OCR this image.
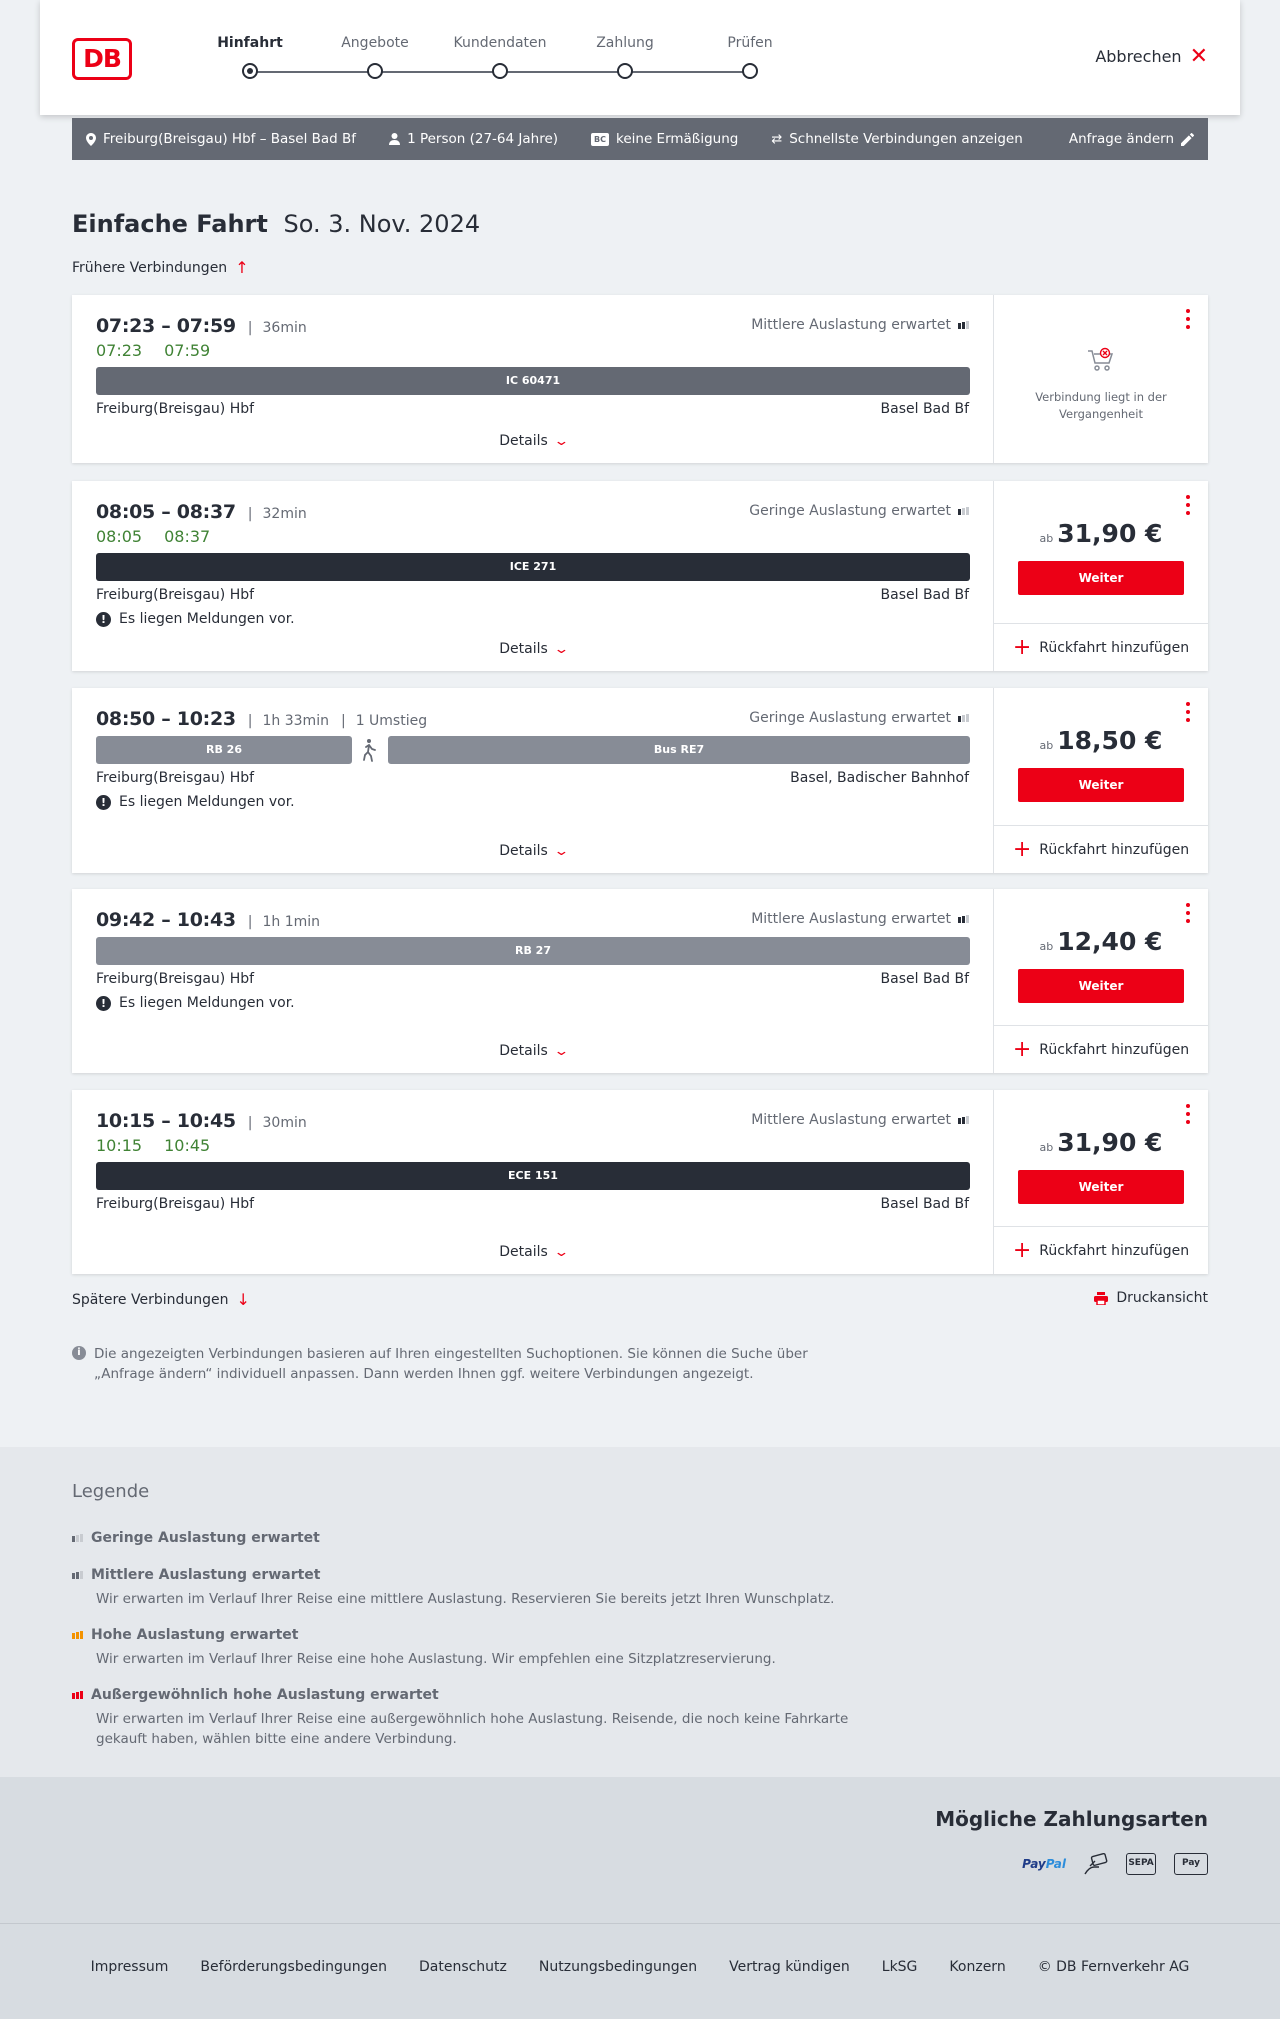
DB
Hinfahrt	Angebote	Kundendaten	Zahlung	Prüfen
Abbrechen ✕
Freiburg(Breisgau) Hbf – Basel Bad Bf	1 Person (27-64 Jahre)	BC keine Ermäßigung	⇄ Schnellste Verbindungen anzeigen	Anfrage ändern
Einfache Fahrt So. 3. Nov. 2024
Frühere Verbindungen ↑
07:23 – 07:59 | 36min
07:23 07:59
Mittlere Auslastung erwartet
IC 60471
Freiburg(Breisgau) Hbf	Basel Bad Bf
Details ⌄
Verbindung liegt in der Vergangenheit
08:05 – 08:37 | 32min
08:05 08:37
Geringe Auslastung erwartet
ICE 271
Freiburg(Breisgau) Hbf	Basel Bad Bf
! Es liegen Meldungen vor.
Details ⌄
ab 31,90 €
Weiter
+ Rückfahrt hinzufügen
08:50 – 10:23 | 1h 33min | 1 Umstieg	Geringe Auslastung erwartet
RB 26	Bus RE7
Freiburg(Breisgau) Hbf	Basel, Badischer Bahnhof
! Es liegen Meldungen vor.
Details ⌄
ab 18,50 €
Weiter
+ Rückfahrt hinzufügen
09:42 – 10:43 | 1h 1min	Mittlere Auslastung erwartet
RB 27
Freiburg(Breisgau) Hbf	Basel Bad Bf
! Es liegen Meldungen vor.
Details ⌄
ab 12,40 €
Weiter
+ Rückfahrt hinzufügen
10:15 – 10:45 | 30min
10:15 10:45
Mittlere Auslastung erwartet
ECE 151
Freiburg(Breisgau) Hbf	Basel Bad Bf
Details ⌄
ab 31,90 €
Weiter
+ Rückfahrt hinzufügen
Spätere Verbindungen ↓	Druckansicht
i Die angezeigten Verbindungen basieren auf Ihren eingestellten Suchoptionen. Sie können die Suche über „Anfrage ändern“ individuell anpassen. Dann werden Ihnen ggf. weitere Verbindungen angezeigt.
Legende
Geringe Auslastung erwartet
Mittlere Auslastung erwartet
Wir erwarten im Verlauf Ihrer Reise eine mittlere Auslastung. Reservieren Sie bereits jetzt Ihren Wunschplatz.
Hohe Auslastung erwartet
Wir erwarten im Verlauf Ihrer Reise eine hohe Auslastung. Wir empfehlen eine Sitzplatzreservierung.
Außergewöhnlich hohe Auslastung erwartet
Wir erwarten im Verlauf Ihrer Reise eine außergewöhnlich hohe Auslastung. Reisende, die noch keine Fahrkarte gekauft haben, wählen bitte eine andere Verbindung.
Mögliche Zahlungsarten
PayPal	SEPA	Pay
Impressum Beförderungsbedingungen Datenschutz Nutzungsbedingungen Vertrag kündigen LkSG Konzern © DB Fernverkehr AG
